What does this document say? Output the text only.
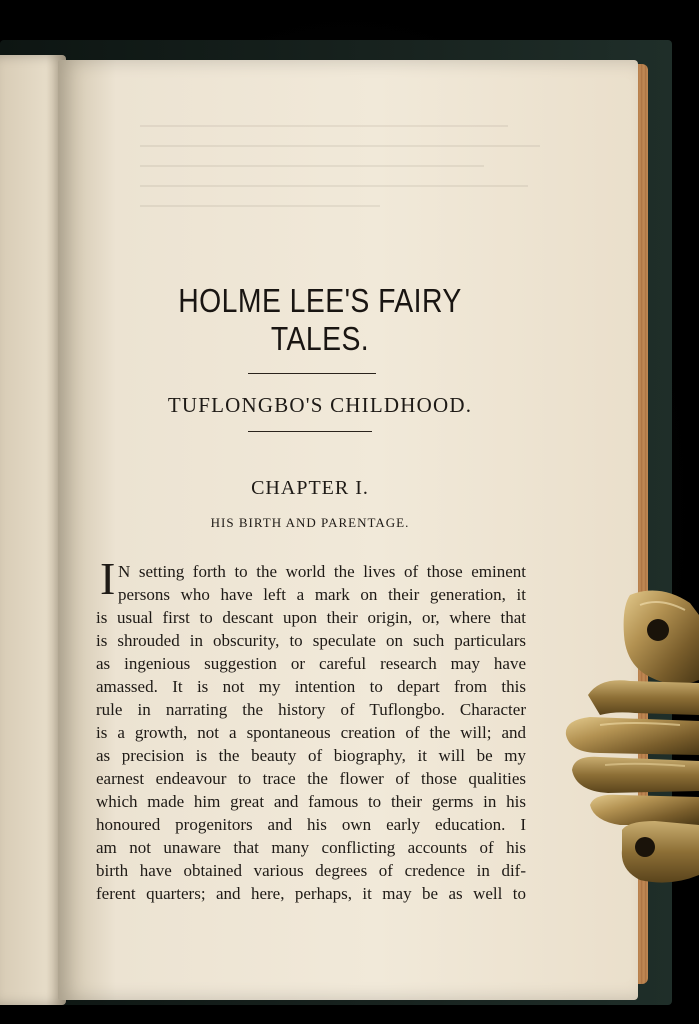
HOLME LEE'S FAIRY TALES.
TUFLONGBO'S CHILDHOOD.
CHAPTER I.
HIS BIRTH AND PARENTAGE.
I N setting forth to the world the lives of those eminent
persons who have left a mark on their generation, it
is usual first to descant upon their origin, or, where that
is shrouded in obscurity, to speculate on such particulars
as ingenious suggestion or careful research may have
amassed. It is not my intention to depart from this
rule in narrating the history of Tuflongbo. Character
is a growth, not a spontaneous creation of the will; and
as precision is the beauty of biography, it will be my
earnest endeavour to trace the flower of those qualities
which made him great and famous to their germs in his
honoured progenitors and his own early education. I
am not unaware that many conflicting accounts of his
birth have obtained various degrees of credence in dif-
ferent quarters; and here, perhaps, it may be as well to
